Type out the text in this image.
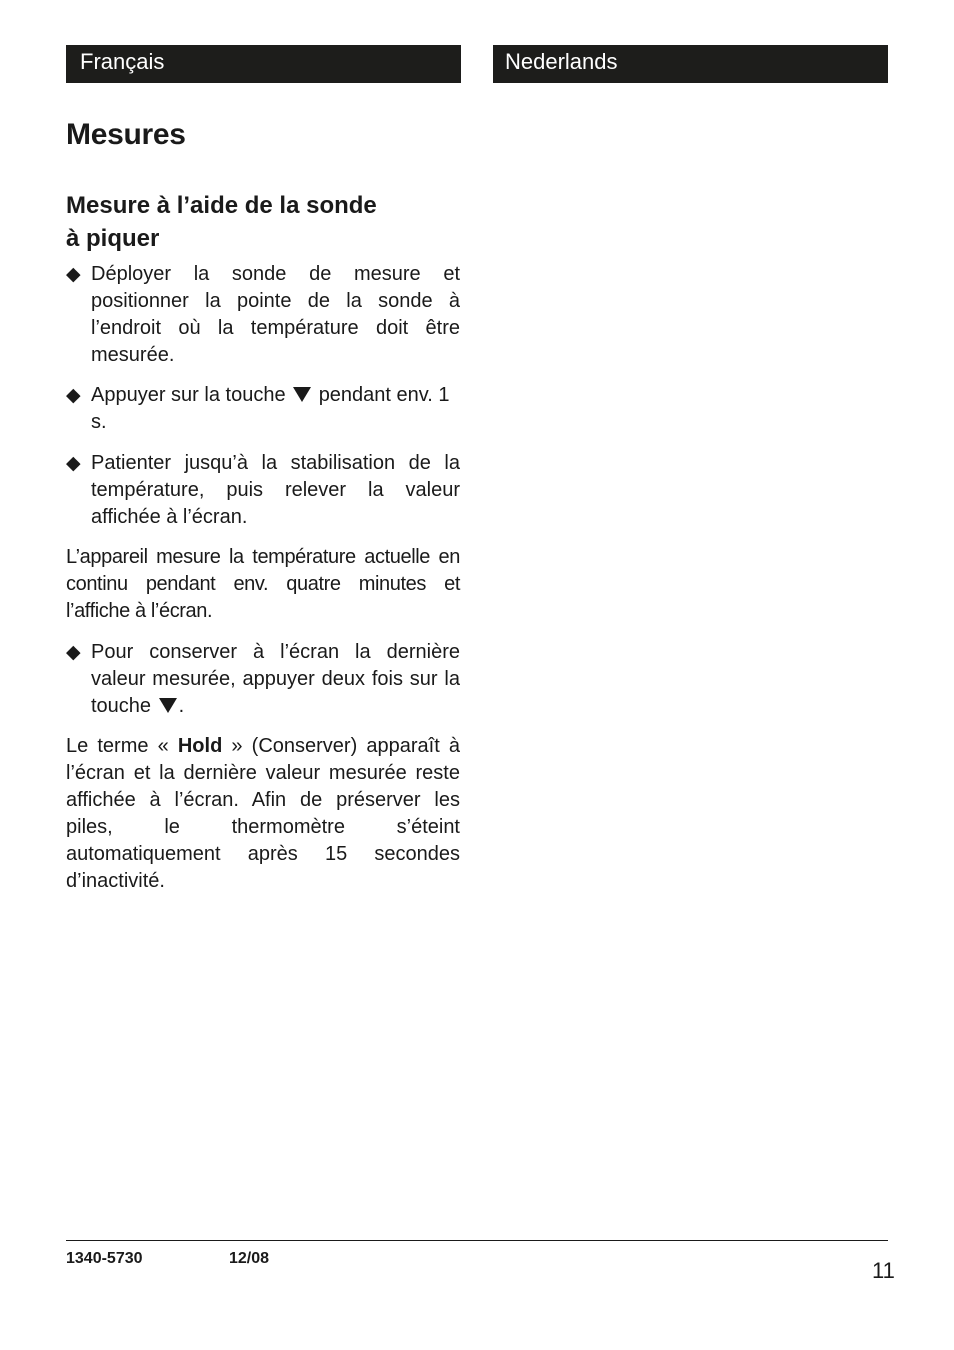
Français	Nederlands
Mesures
Mesure à l’aide de la sonde
à piquer

◆ Déployer la sonde de mesure et positionner la pointe de la sonde à l’endroit où la température doit être mesurée.

◆ Appuyer sur la touche pendant env. 1 s.

◆ Patienter jusqu’à la stabilisation de la température, puis relever la valeur affichée à l’écran.

L’appareil mesure la température actuelle en continu pendant env. quatre minutes et l’affiche à l’écran.

◆ Pour conserver à l’écran la dernière valeur mesurée, appuyer deux fois sur la touche .

Le terme « Hold » (Conserver) apparaît à l’écran et la dernière valeur mesurée reste affichée à l’écran. Afin de préserver les piles, le thermomètre s’éteint automatiquement après 15 secondes d’inactivité.

1340-5730	12/08	11
